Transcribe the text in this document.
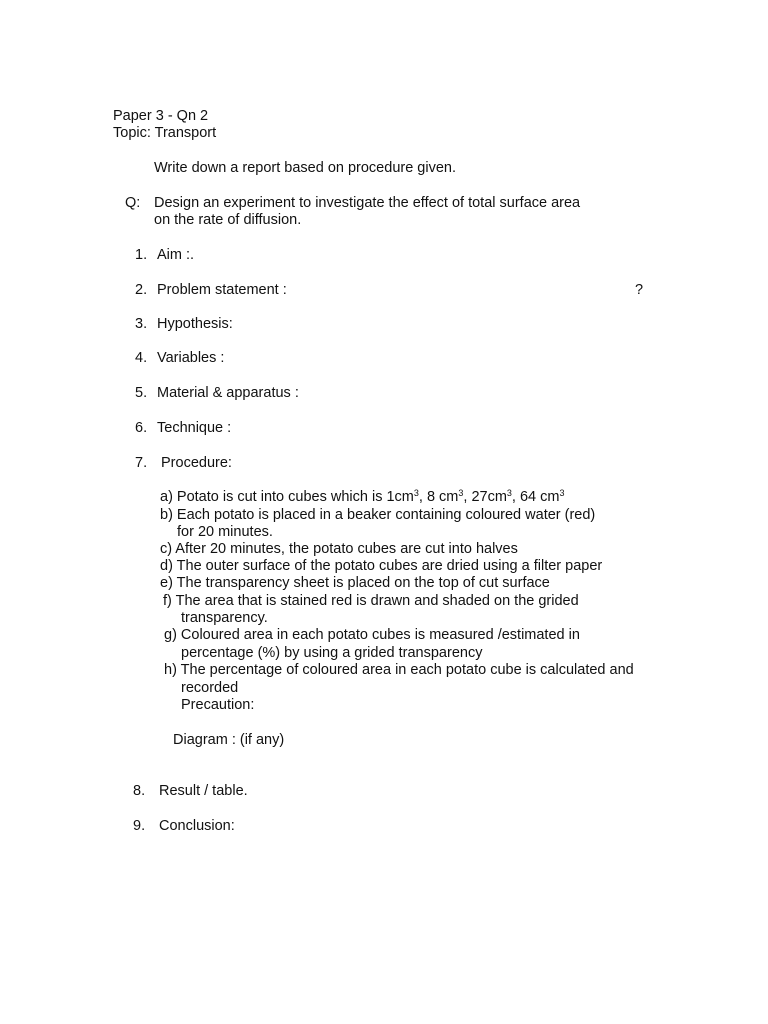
Paper 3 - Qn 2
Topic: Transport
Write down a report based on procedure given.
Q: Design an experiment to investigate the effect of total surface area
on the rate of diffusion.
1. Aim :.
2. Problem statement :	?
3. Hypothesis:
4. Variables :
5. Material & apparatus :
6. Technique :
7. Procedure:
a) Potato is cut into cubes which is $1cm^3$, 8 $cm^3$, $27cm^3$, 64 $cm^3$
b) Each potato is placed in a beaker containing coloured water (red)
for 20 minutes.
c) After 20 minutes, the potato cubes are cut into halves
d) The outer surface of the potato cubes are dried using a filter paper
e) The transparency sheet is placed on the top of cut surface
f) The area that is stained red is drawn and shaded on the grided
transparency.
g) Coloured area in each potato cubes is measured /estimated in
percentage (%) by using a grided transparency
h) The percentage of coloured area in each potato cube is calculated and
recorded
Precaution:
Diagram : (if any)
8. Result / table.
9. Conclusion:
